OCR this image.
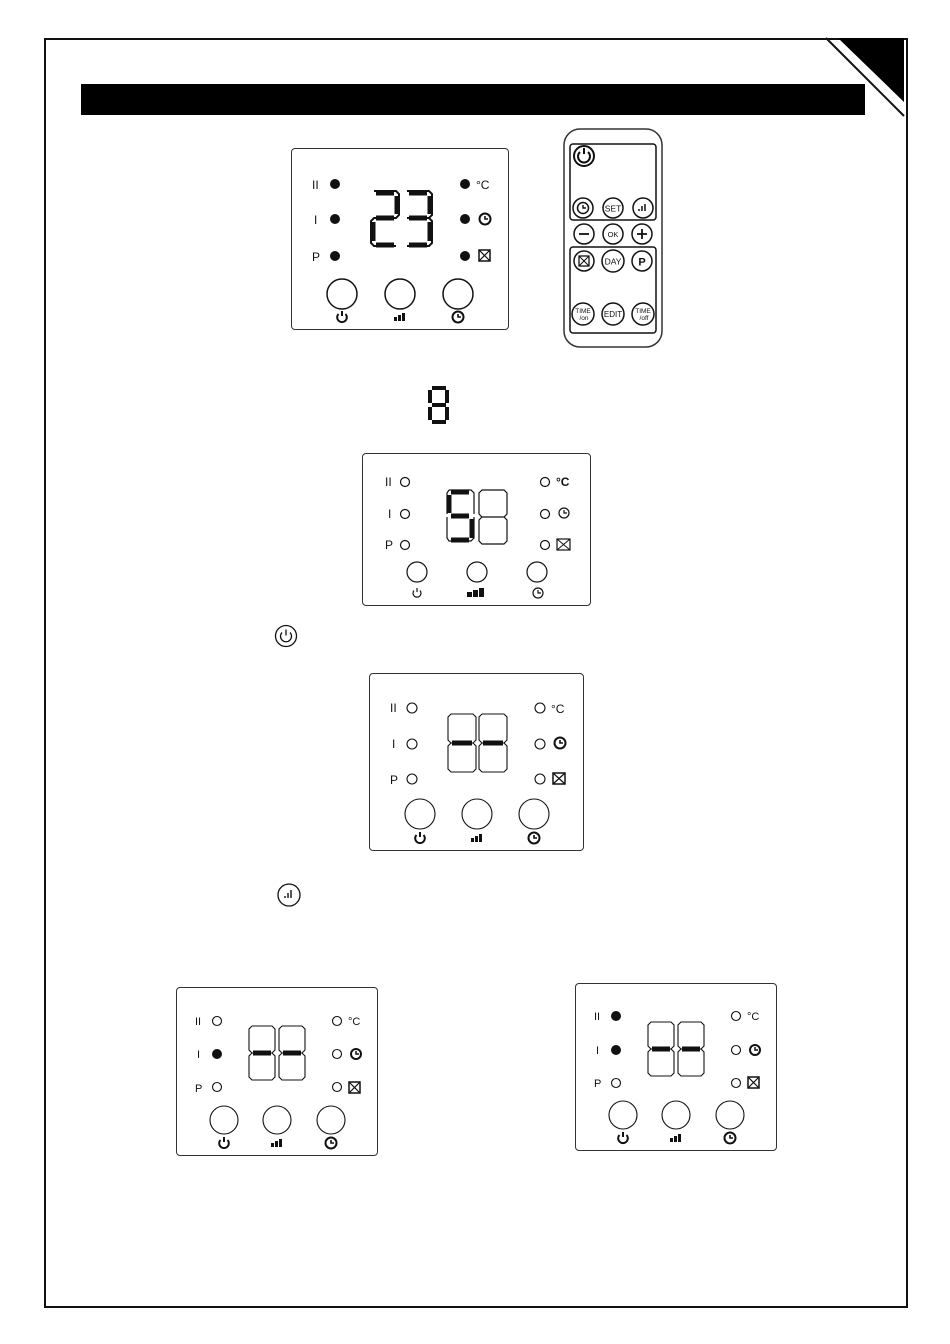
II
I
P
°C
SET
OK
DAY P
TIME
/on EDIT TIME
/off
II
I
P
°C
II
I
P
°C
II
I
P
°C	II
I
P
°C
